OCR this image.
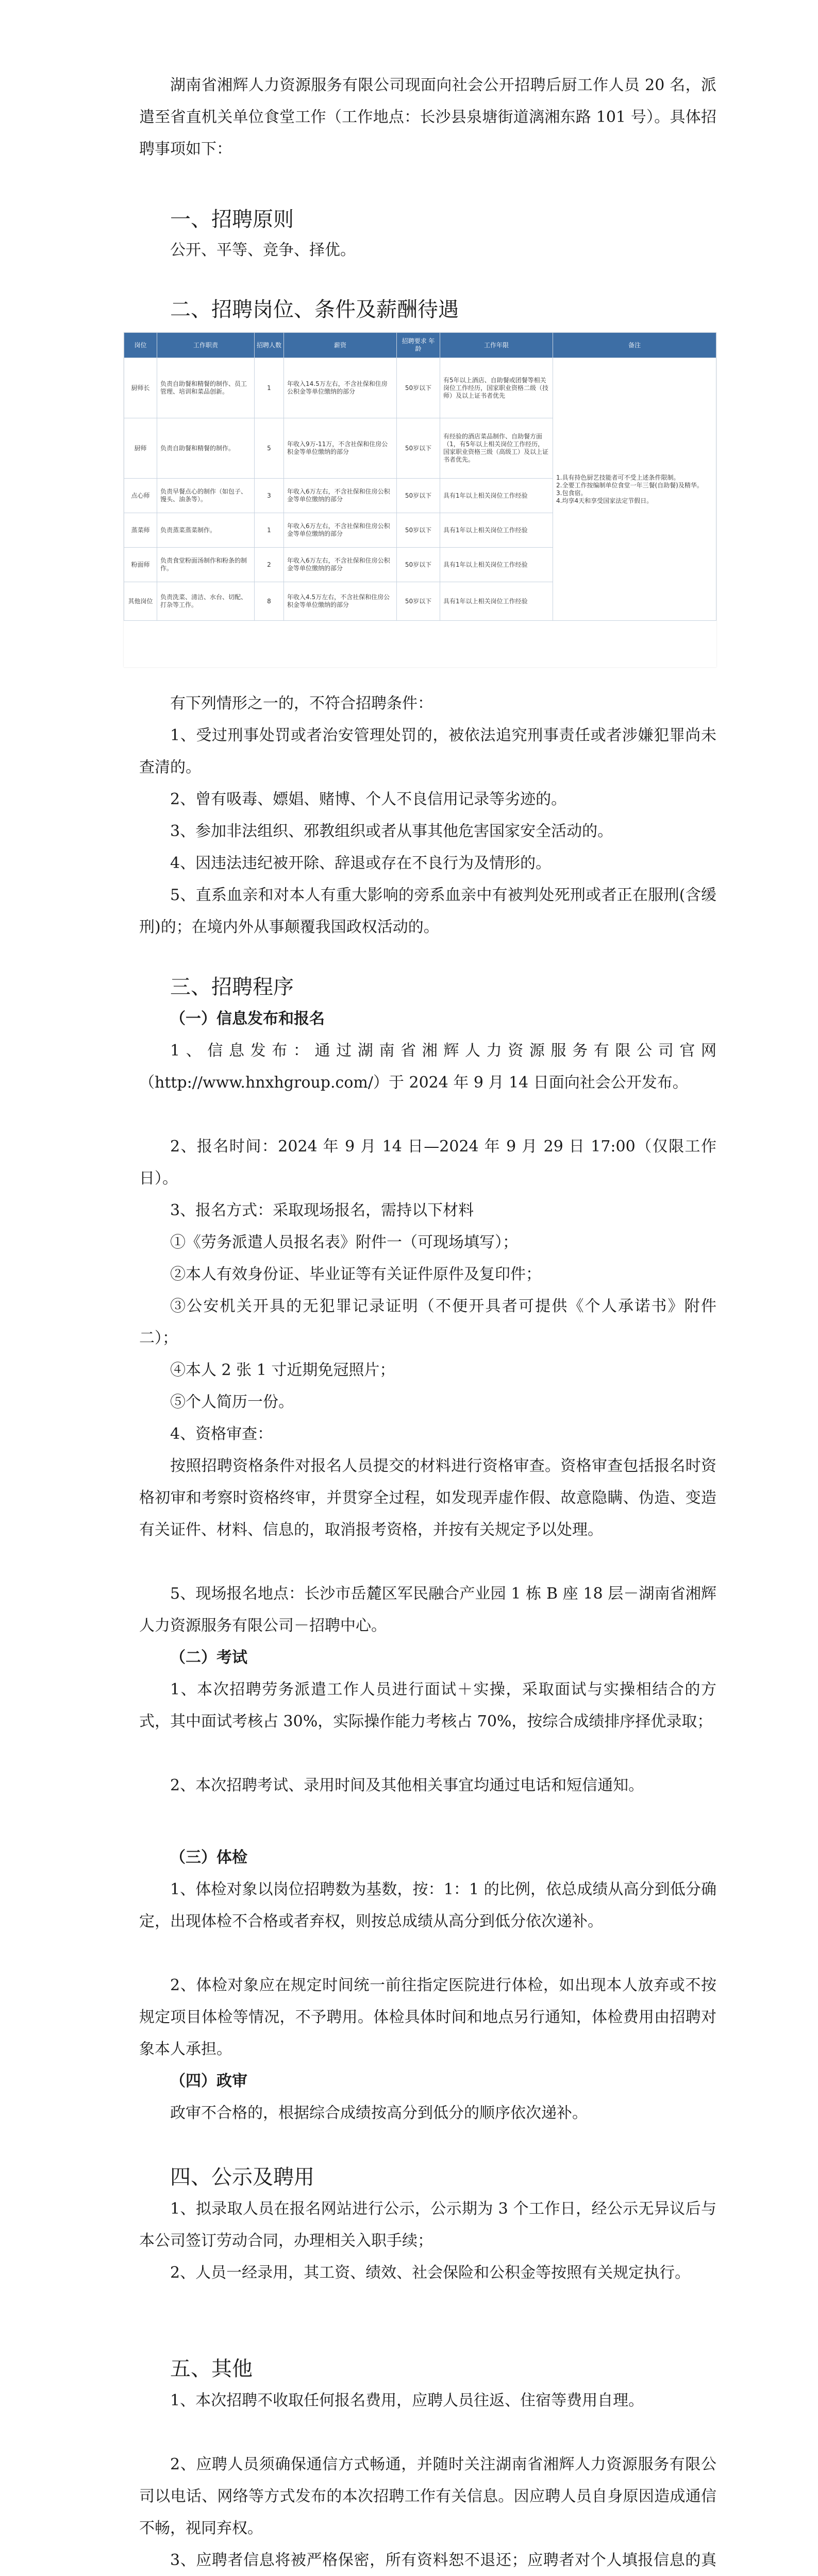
湖南省湘辉人力资源服务有限公司现面向社会公开招聘后厨工作人员 20 名，派遣至省直机关单位食堂工作（工作地点：长沙县泉塘街道漓湘东路 101 号）。具体招聘事项如下：

一、招聘原则

公开、平等、竞争、择优。

二、招聘岗位、条件及薪酬待遇

岗位	工作职责	招聘人数	薪资	招聘要求 年龄	工作年限	备注
厨师长	负责自助餐和精餐的制作、员工管理、培训和菜品创新。	1	年收入14.5万左右，不含社保和住房公积金等单位缴纳的部分	50岁以下	有5年以上酒店、自助餐或团餐等相关岗位工作经历，国家职业资格二级（技师）及以上证书者优先	1.具有持色厨艺技能者可不受上述条件限制。
2.全要工作按编制单位食堂一年三餐(自助餐)及精华。
3.包食宿。
4.均享4天和享受国家法定节假日。
厨师	负责自助餐和精餐的制作。	5	年收入9万-11万，不含社保和住房公积金等单位缴纳的部分	50岁以下	有经验的酒店菜品制作、自助餐方面（1，有5年以上相关岗位工作经历，国家职业资格三级（高级工）及以上证书者优先。	
点心师	负责早餐点心的制作（如包子、馒头、油条等）。	3	年收入6万左右，不含社保和住房公积金等单位缴纳的部分	50岁以下	具有1年以上相关岗位工作经验	
蒸菜师	负责蒸菜蒸菜制作。	1	年收入6万左右，不含社保和住房公积金等单位缴纳的部分	50岁以下	具有1年以上相关岗位工作经验	
粉面师	负责食堂粉面汤制作和粉条的制作。	2	年收入6万左右，不含社保和住房公积金等单位缴纳的部分	50岁以下	具有1年以上相关岗位工作经验	
其他岗位	负责洗菜、清洁、水台、切配、打杂等工作。	8	年收入4.5万左右，不含社保和住房公积金等单位缴纳的部分	50岁以下	具有1年以上相关岗位工作经验	

有下列情形之一的，不符合招聘条件：

1、受过刑事处罚或者治安管理处罚的，被依法追究刑事责任或者涉嫌犯罪尚未查清的。

2、曾有吸毒、嫖娼、赌博、个人不良信用记录等劣迹的。

3、参加非法组织、邪教组织或者从事其他危害国家安全活动的。

4、因违法违纪被开除、辞退或存在不良行为及情形的。

5、直系血亲和对本人有重大影响的旁系血亲中有被判处死刑或者正在服刑(含缓刑)的；在境内外从事颠覆我国政权活动的。

三、招聘程序

（一）信息发布和报名

1、信息发布：通过湖南省湘辉人力资源服务有限公司官网（http://www.hnxhgroup.com/）于 2024 年 9 月 14 日面向社会公开发布。

2、报名时间：2024 年 9 月 14 日—2024 年 9 月 29 日 17:00（仅限工作日）。

3、报名方式：采取现场报名，需持以下材料

①《劳务派遣人员报名表》附件一（可现场填写）；

②本人有效身份证、毕业证等有关证件原件及复印件；

③公安机关开具的无犯罪记录证明（不便开具者可提供《个人承诺书》附件二）；

④本人 2 张 1 寸近期免冠照片；

⑤个人简历一份。

4、资格审查：

按照招聘资格条件对报名人员提交的材料进行资格审查。资格审查包括报名时资格初审和考察时资格终审，并贯穿全过程，如发现弄虚作假、故意隐瞒、伪造、变造有关证件、材料、信息的，取消报考资格，并按有关规定予以处理。

5、现场报名地点：长沙市岳麓区军民融合产业园 1 栋 B 座 18 层－湖南省湘辉人力资源服务有限公司－招聘中心。

（二）考试

1、本次招聘劳务派遣工作人员进行面试＋实操，采取面试与实操相结合的方式，其中面试考核占 30%，实际操作能力考核占 70%，按综合成绩排序择优录取；

2、本次招聘考试、录用时间及其他相关事宜均通过电话和短信通知。

（三）体检

1、体检对象以岗位招聘数为基数，按：1：1 的比例，依总成绩从高分到低分确定，出现体检不合格或者弃权，则按总成绩从高分到低分依次递补。

2、体检对象应在规定时间统一前往指定医院进行体检，如出现本人放弃或不按规定项目体检等情况，不予聘用。体检具体时间和地点另行通知，体检费用由招聘对象本人承担。

（四）政审

政审不合格的，根据综合成绩按高分到低分的顺序依次递补。

四、公示及聘用

1、拟录取人员在报名网站进行公示，公示期为 3 个工作日，经公示无异议后与本公司签订劳动合同，办理相关入职手续；

2、人员一经录用，其工资、绩效、社会保险和公积金等按照有关规定执行。

五、其他

1、本次招聘不收取任何报名费用，应聘人员往返、住宿等费用自理。

2、应聘人员须确保通信方式畅通，并随时关注湖南省湘辉人力资源服务有限公司以电话、网络等方式发布的本次招聘工作有关信息。因应聘人员自身原因造成通信不畅，视同弃权。

3、应聘者信息将被严格保密，所有资料恕不退还；应聘者对个人填报信息的真
